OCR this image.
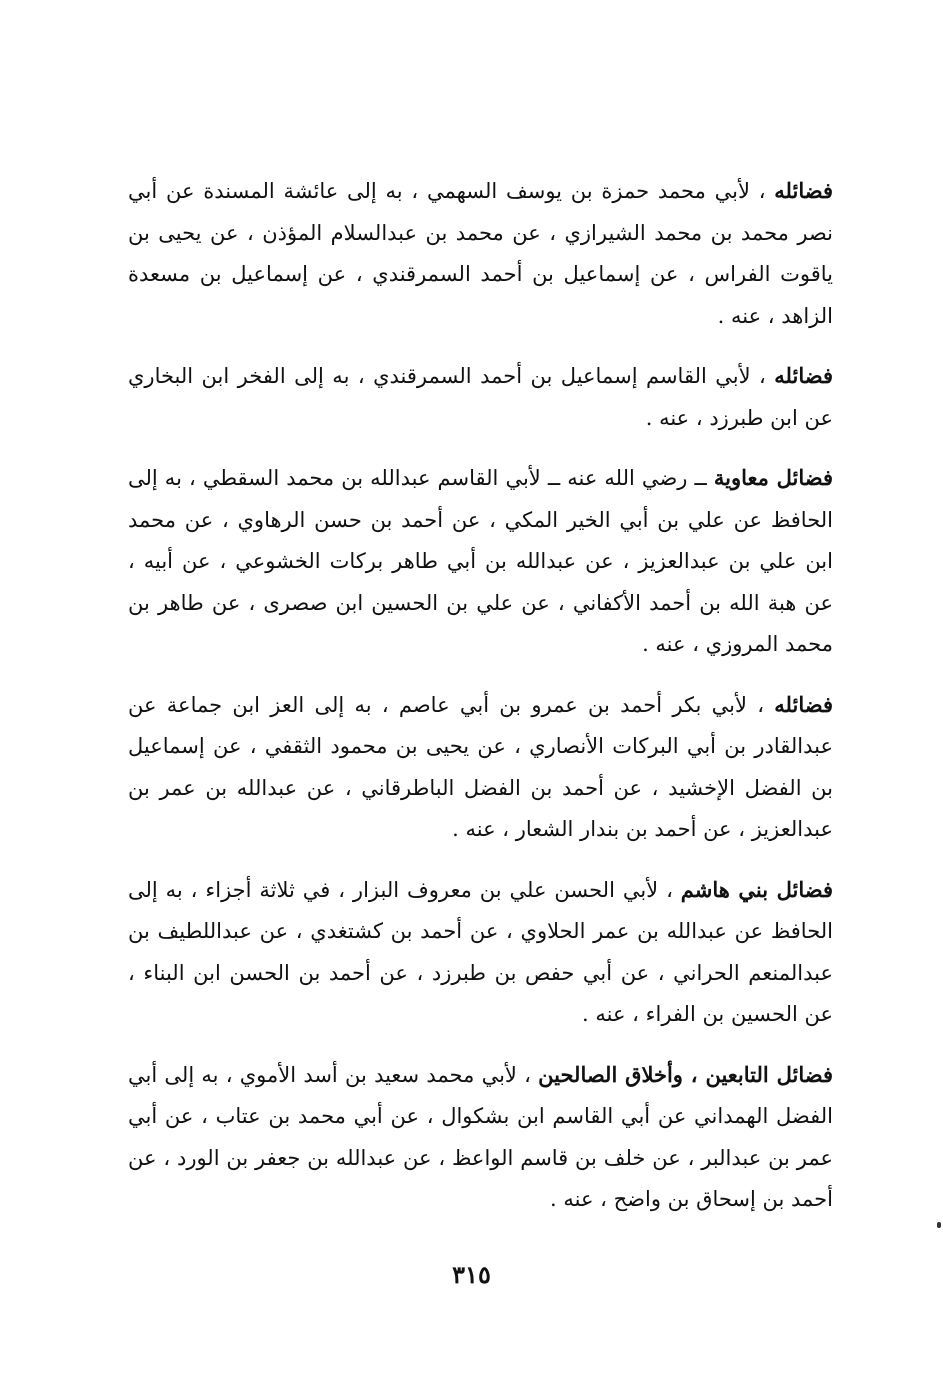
فضائله ، لأبي محمد حمزة بن يوسف السهمي ، به إلى عائشة المسندة عن أبي نصر محمد بن محمد الشيرازي ، عن محمد بن عبدالسلام المؤذن ، عن يحيى بن ياقوت الفراس ، عن إسماعيل بن أحمد السمرقندي ، عن إسماعيل بن مسعدة الزاهد ، عنه .

فضائله ، لأبي القاسم إسماعيل بن أحمد السمرقندي ، به إلى الفخر ابن البخاري عن ابن طبرزد ، عنه .

فضائل معاوية ــ رضي الله عنه ــ لأبي القاسم عبدالله بن محمد السقطي ، به إلى الحافظ عن علي بن أبي الخير المكي ، عن أحمد بن حسن الرهاوي ، عن محمد ابن علي بن عبدالعزيز ، عن عبدالله بن أبي طاهر بركات الخشوعي ، عن أبيه ، عن هبة الله بن أحمد الأكفاني ، عن علي بن الحسين ابن صصرى ، عن طاهر بن محمد المروزي ، عنه .

فضائله ، لأبي بكر أحمد بن عمرو بن أبي عاصم ، به إلى العز ابن جماعة عن عبدالقادر بن أبي البركات الأنصاري ، عن يحيى بن محمود الثقفي ، عن إسماعيل بن الفضل الإخشيد ، عن أحمد بن الفضل الباطرقاني ، عن عبدالله بن عمر بن عبدالعزيز ، عن أحمد بن بندار الشعار ، عنه .

فضائل بني هاشم ، لأبي الحسن علي بن معروف البزار ، في ثلاثة أجزاء ، به إلى الحافظ عن عبدالله بن عمر الحلاوي ، عن أحمد بن كشتغدي ، عن عبداللطيف بن عبدالمنعم الحراني ، عن أبي حفص بن طبرزد ، عن أحمد بن الحسن ابن البناء ، عن الحسين بن الفراء ، عنه .

فضائل التابعين ، وأخلاق الصالحين ، لأبي محمد سعيد بن أسد الأموي ، به إلى أبي الفضل الهمداني عن أبي القاسم ابن بشكوال ، عن أبي محمد بن عتاب ، عن أبي عمر بن عبدالبر ، عن خلف بن قاسم الواعظ ، عن عبدالله بن جعفر بن الورد ، عن أحمد بن إسحاق بن واضح ، عنه .

٣١٥
